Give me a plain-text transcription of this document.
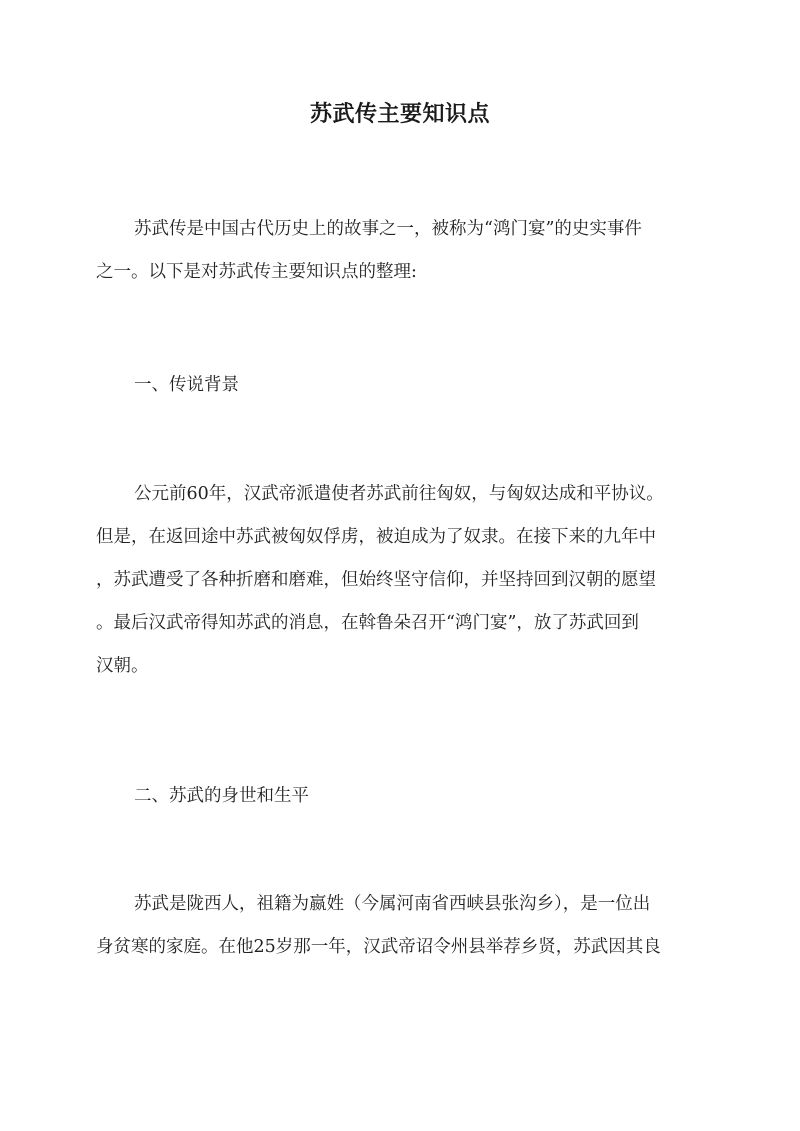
苏武传主要知识点
苏武传是中国古代历史上的故事之一，被称为“鸿门宴”的史实事件
之一。以下是对苏武传主要知识点的整理:
一、传说背景
公元前60年，汉武帝派遣使者苏武前往匈奴，与匈奴达成和平协议。
但是，在返回途中苏武被匈奴俘虏，被迫成为了奴隶。在接下来的九年中
，苏武遭受了各种折磨和磨难，但始终坚守信仰，并坚持回到汉朝的愿望
。最后汉武帝得知苏武的消息，在斡鲁朵召开“鸿门宴”，放了苏武回到
汉朝。
二、苏武的身世和生平
苏武是陇西人，祖籍为嬴姓（今属河南省西峡县张沟乡），是一位出
身贫寒的家庭。在他25岁那一年，汉武帝诏令州县举荐乡贤，苏武因其良
